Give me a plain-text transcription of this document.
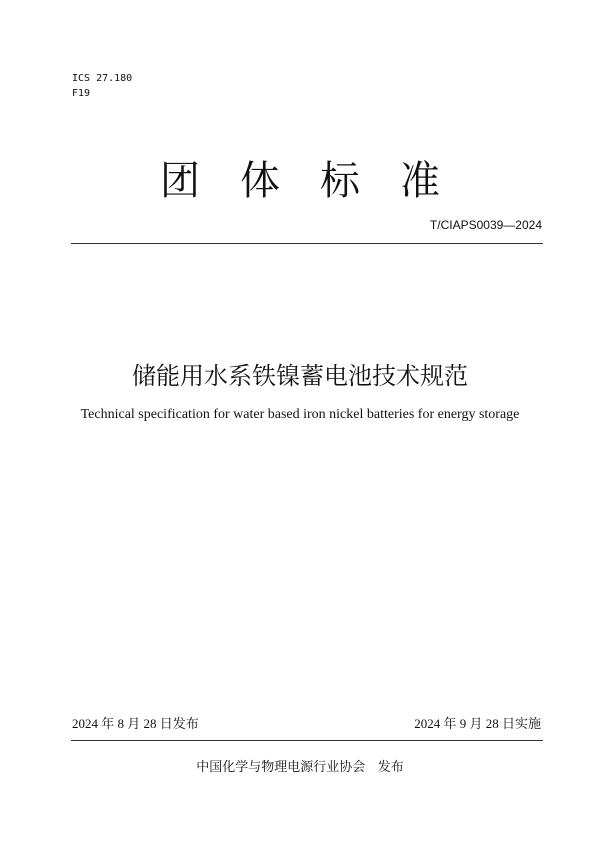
ICS 27.180
F19
团体标准
T/CIAPS0039—2024
储能用水系铁镍蓄电池技术规范
Technical specification for water based iron nickel batteries for energy storage
2024 年 8 月 28 日发布	2024 年 9 月 28 日实施
中国化学与物理电源行业协会   发布
